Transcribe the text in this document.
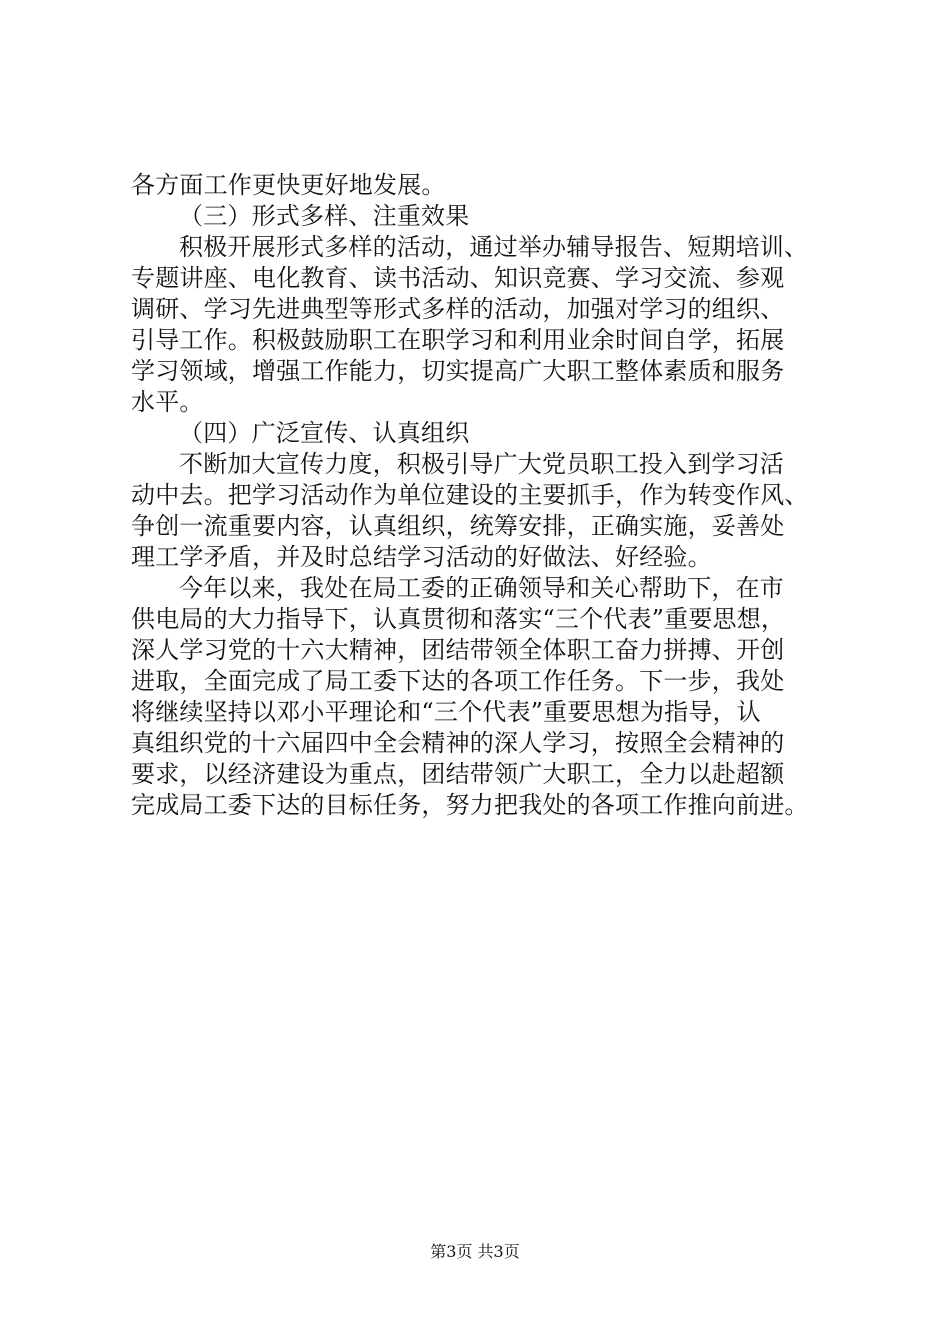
各方面工作更快更好地发展。
（三）形式多样、注重效果
积极开展形式多样的活动，通过举办辅导报告、短期培训、
专题讲座、电化教育、读书活动、知识竞赛、学习交流、参观
调研、学习先进典型等形式多样的活动，加强对学习的组织、
引导工作。积极鼓励职工在职学习和利用业余时间自学，拓展
学习领域，增强工作能力，切实提高广大职工整体素质和服务
水平。
（四）广泛宣传、认真组织
不断加大宣传力度，积极引导广大党员职工投入到学习活
动中去。把学习活动作为单位建设的主要抓手，作为转变作风、
争创一流重要内容，认真组织，统筹安排，正确实施，妥善处
理工学矛盾，并及时总结学习活动的好做法、好经验。
今年以来，我处在局工委的正确领导和关心帮助下，在市
供电局的大力指导下，认真贯彻和落实“三个代表”重要思想，
深人学习党的十六大精神，团结带领全体职工奋力拼搏、开创
进取，全面完成了局工委下达的各项工作任务。下一步，我处
将继续坚持以邓小平理论和“三个代表”重要思想为指导，认
真组织党的十六届四中全会精神的深人学习，按照全会精神的
要求，以经济建设为重点，团结带领广大职工，全力以赴超额
完成局工委下达的目标任务，努力把我处的各项工作推向前进。
第3页 共3页
